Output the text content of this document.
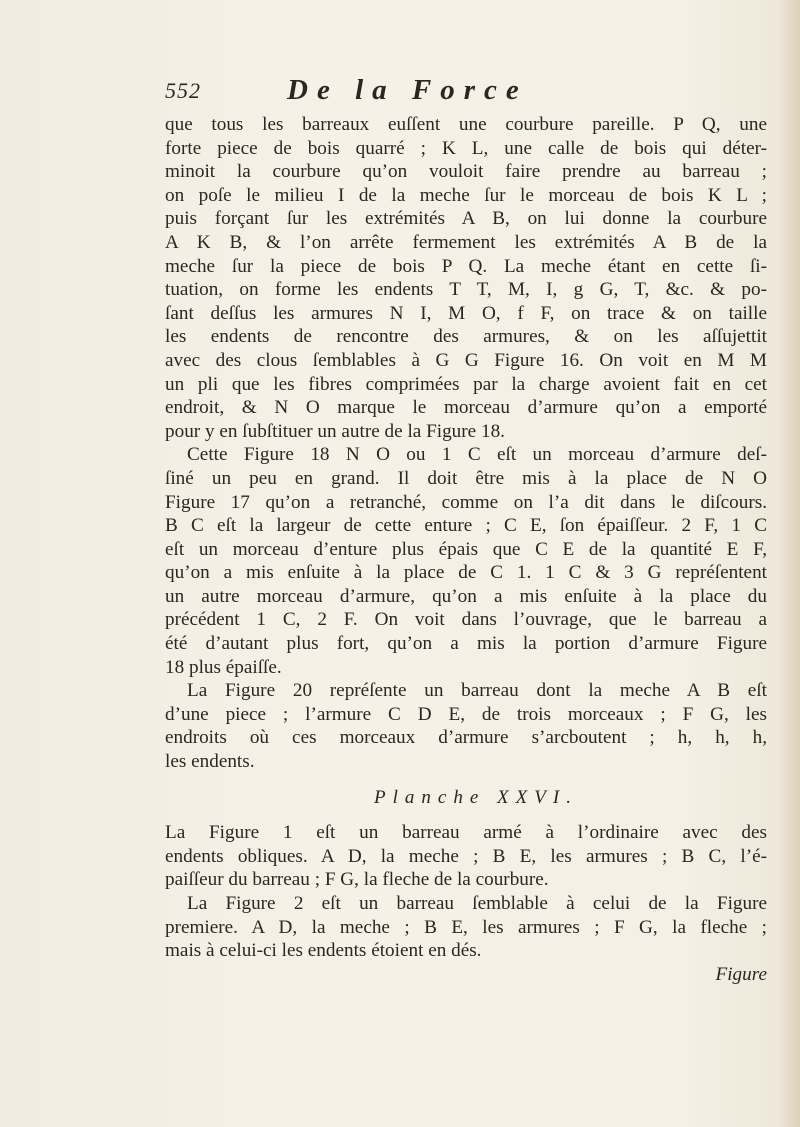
552	De la Force

que tous les barreaux euſſent une courbure pareille. P Q, une
forte piece de bois quarré ; K L, une calle de bois qui déter-
minoit la courbure qu’on vouloit faire prendre au barreau ;
on poſe le milieu I de la meche ſur le morceau de bois K L ;
puis forçant ſur les extrémités A B, on lui donne la courbure
A K B, & l’on arrête fermement les extrémités A B de la
meche ſur la piece de bois P Q. La meche étant en cette ſi-
tuation, on forme les endents T T, M, I, g G, T, &c. & po-
ſant deſſus les armures N I, M O, f F, on trace & on taille
les endents de rencontre des armures, & on les aſſujettit
avec des clous ſemblables à G G Figure 16. On voit en M M
un pli que les fibres comprimées par la charge avoient fait en cet
endroit, & N O marque le morceau d’armure qu’on a emporté
pour y en ſubſtituer un autre de la Figure 18.

Cette Figure 18 N O ou 1 C eſt un morceau d’armure deſ-
ſiné un peu en grand. Il doit être mis à la place de N O
Figure 17 qu’on a retranché, comme on l’a dit dans le diſcours.
B C eſt la largeur de cette enture ; C E, ſon épaiſſeur. 2 F, 1 C
eſt un morceau d’enture plus épais que C E de la quantité E F,
qu’on a mis enſuite à la place de C 1. 1 C & 3 G repréſentent
un autre morceau d’armure, qu’on a mis enſuite à la place du
précédent 1 C, 2 F. On voit dans l’ouvrage, que le barreau a
été d’autant plus fort, qu’on a mis la portion d’armure Figure
18 plus épaiſſe.

La Figure 20 repréſente un barreau dont la meche A B eſt
d’une piece ; l’armure C D E, de trois morceaux ; F G, les
endroits où ces morceaux d’armure s’arcboutent ; h, h, h,
les endents.

Planche XXVI.

La Figure 1 eſt un barreau armé à l’ordinaire avec des
endents obliques. A D, la meche ; B E, les armures ; B C, l’é-
paiſſeur du barreau ; F G, la fleche de la courbure.

La Figure 2 eſt un barreau ſemblable à celui de la Figure
premiere. A D, la meche ; B E, les armures ; F G, la fleche ;
mais à celui-ci les endents étoient en dés.

Figure
